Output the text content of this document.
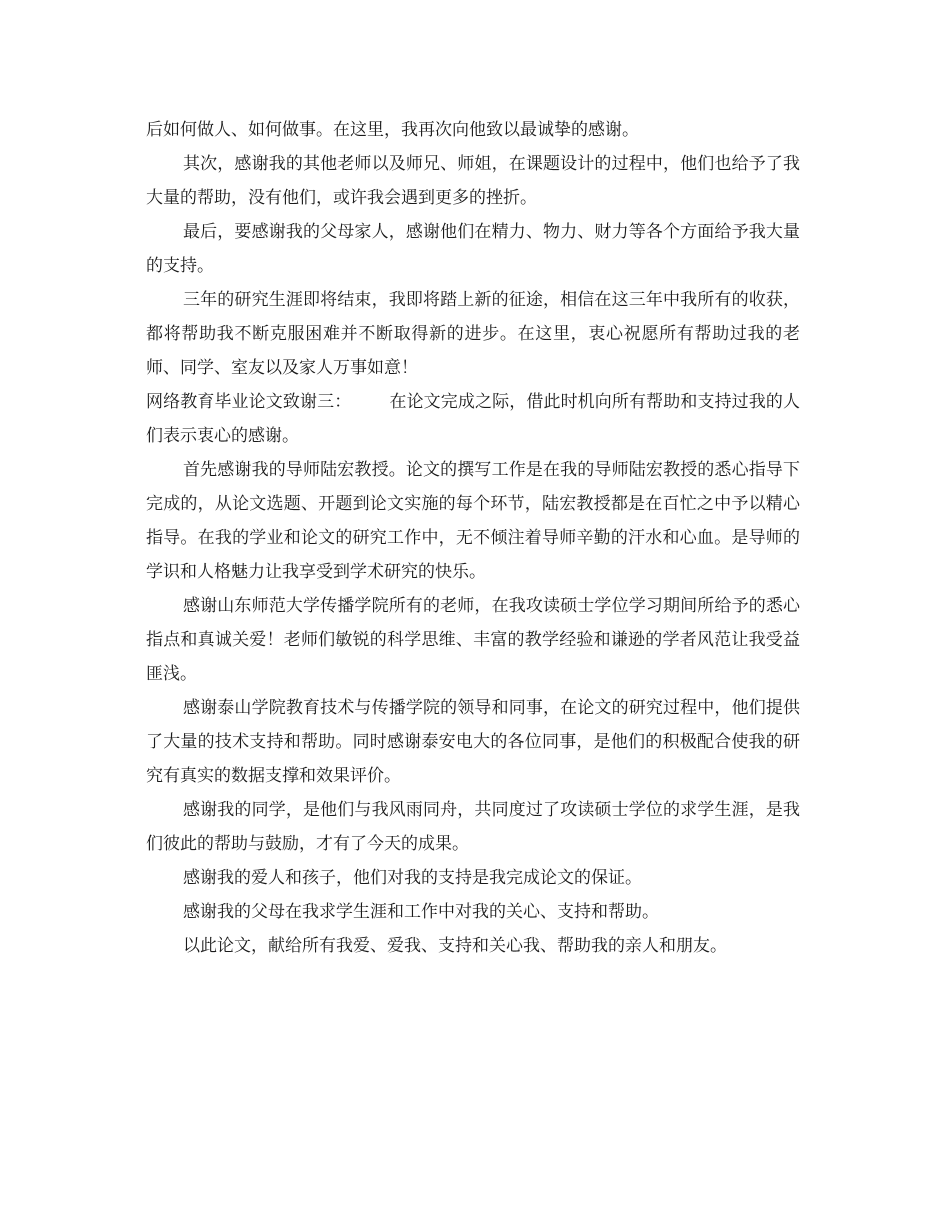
后如何做人、如何做事。在这里，我再次向他致以最诚挚的感谢。

其次，感谢我的其他老师以及师兄、师姐，在课题设计的过程中，他们也给予了我大量的帮助，没有他们，或许我会遇到更多的挫折。

最后，要感谢我的父母家人，感谢他们在精力、物力、财力等各个方面给予我大量的支持。

三年的研究生涯即将结束，我即将踏上新的征途，相信在这三年中我所有的收获，都将帮助我不断克服困难并不断取得新的进步。在这里，衷心祝愿所有帮助过我的老师、同学、室友以及家人万事如意！

网络教育毕业论文致谢三： 在论文完成之际，借此时机向所有帮助和支持过我的人们表示衷心的感谢。

首先感谢我的导师陆宏教授。论文的撰写工作是在我的导师陆宏教授的悉心指导下完成的，从论文选题、开题到论文实施的每个环节，陆宏教授都是在百忙之中予以精心指导。在我的学业和论文的研究工作中，无不倾注着导师辛勤的汗水和心血。是导师的学识和人格魅力让我享受到学术研究的快乐。

感谢山东师范大学传播学院所有的老师，在我攻读硕士学位学习期间所给予的悉心指点和真诚关爱！老师们敏锐的科学思维、丰富的教学经验和谦逊的学者风范让我受益匪浅。

感谢泰山学院教育技术与传播学院的领导和同事，在论文的研究过程中，他们提供了大量的技术支持和帮助。同时感谢泰安电大的各位同事，是他们的积极配合使我的研究有真实的数据支撑和效果评价。

感谢我的同学，是他们与我风雨同舟，共同度过了攻读硕士学位的求学生涯，是我们彼此的帮助与鼓励，才有了今天的成果。

感谢我的爱人和孩子，他们对我的支持是我完成论文的保证。

感谢我的父母在我求学生涯和工作中对我的关心、支持和帮助。

以此论文，献给所有我爱、爱我、支持和关心我、帮助我的亲人和朋友。
